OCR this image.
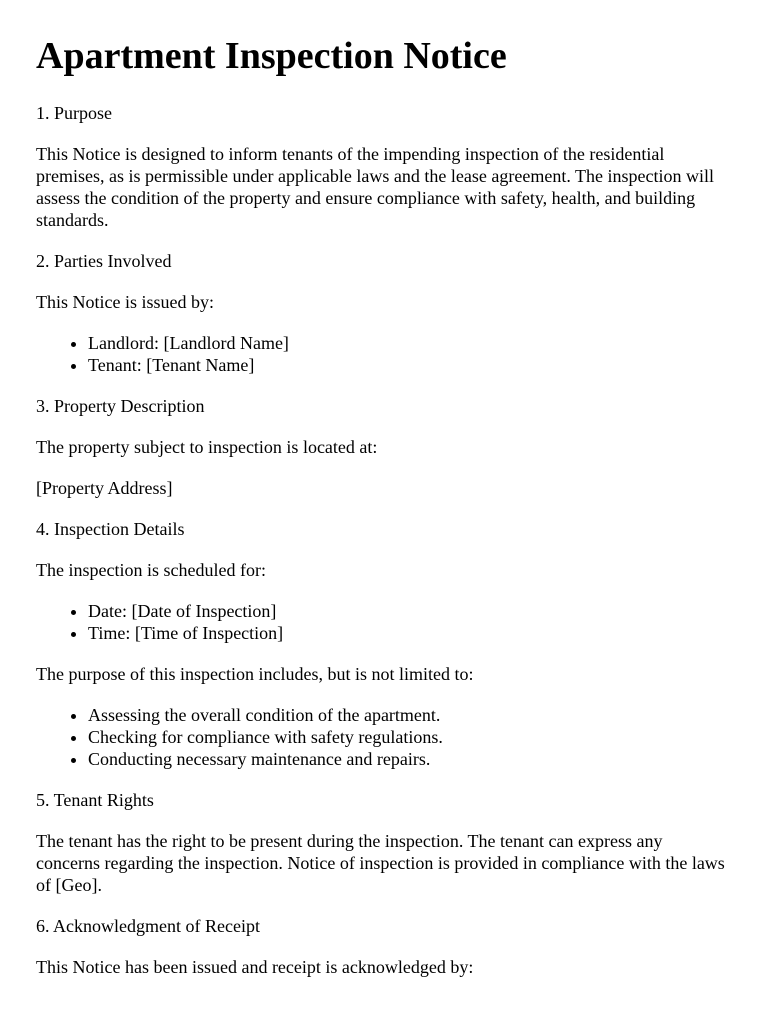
Apartment Inspection Notice

1. Purpose

This Notice is designed to inform tenants of the impending inspection of the residential premises, as is permissible under applicable laws and the lease agreement. The inspection will assess the condition of the property and ensure compliance with safety, health, and building standards.

2. Parties Involved

This Notice is issued by:

• Landlord: [Landlord Name]
• Tenant: [Tenant Name]

3. Property Description

The property subject to inspection is located at:

[Property Address]

4. Inspection Details

The inspection is scheduled for:

• Date: [Date of Inspection]
• Time: [Time of Inspection]

The purpose of this inspection includes, but is not limited to:

• Assessing the overall condition of the apartment.
• Checking for compliance with safety regulations.
• Conducting necessary maintenance and repairs.

5. Tenant Rights

The tenant has the right to be present during the inspection. The tenant can express any concerns regarding the inspection. Notice of inspection is provided in compliance with the laws of [Geo].

6. Acknowledgment of Receipt

This Notice has been issued and receipt is acknowledged by:
